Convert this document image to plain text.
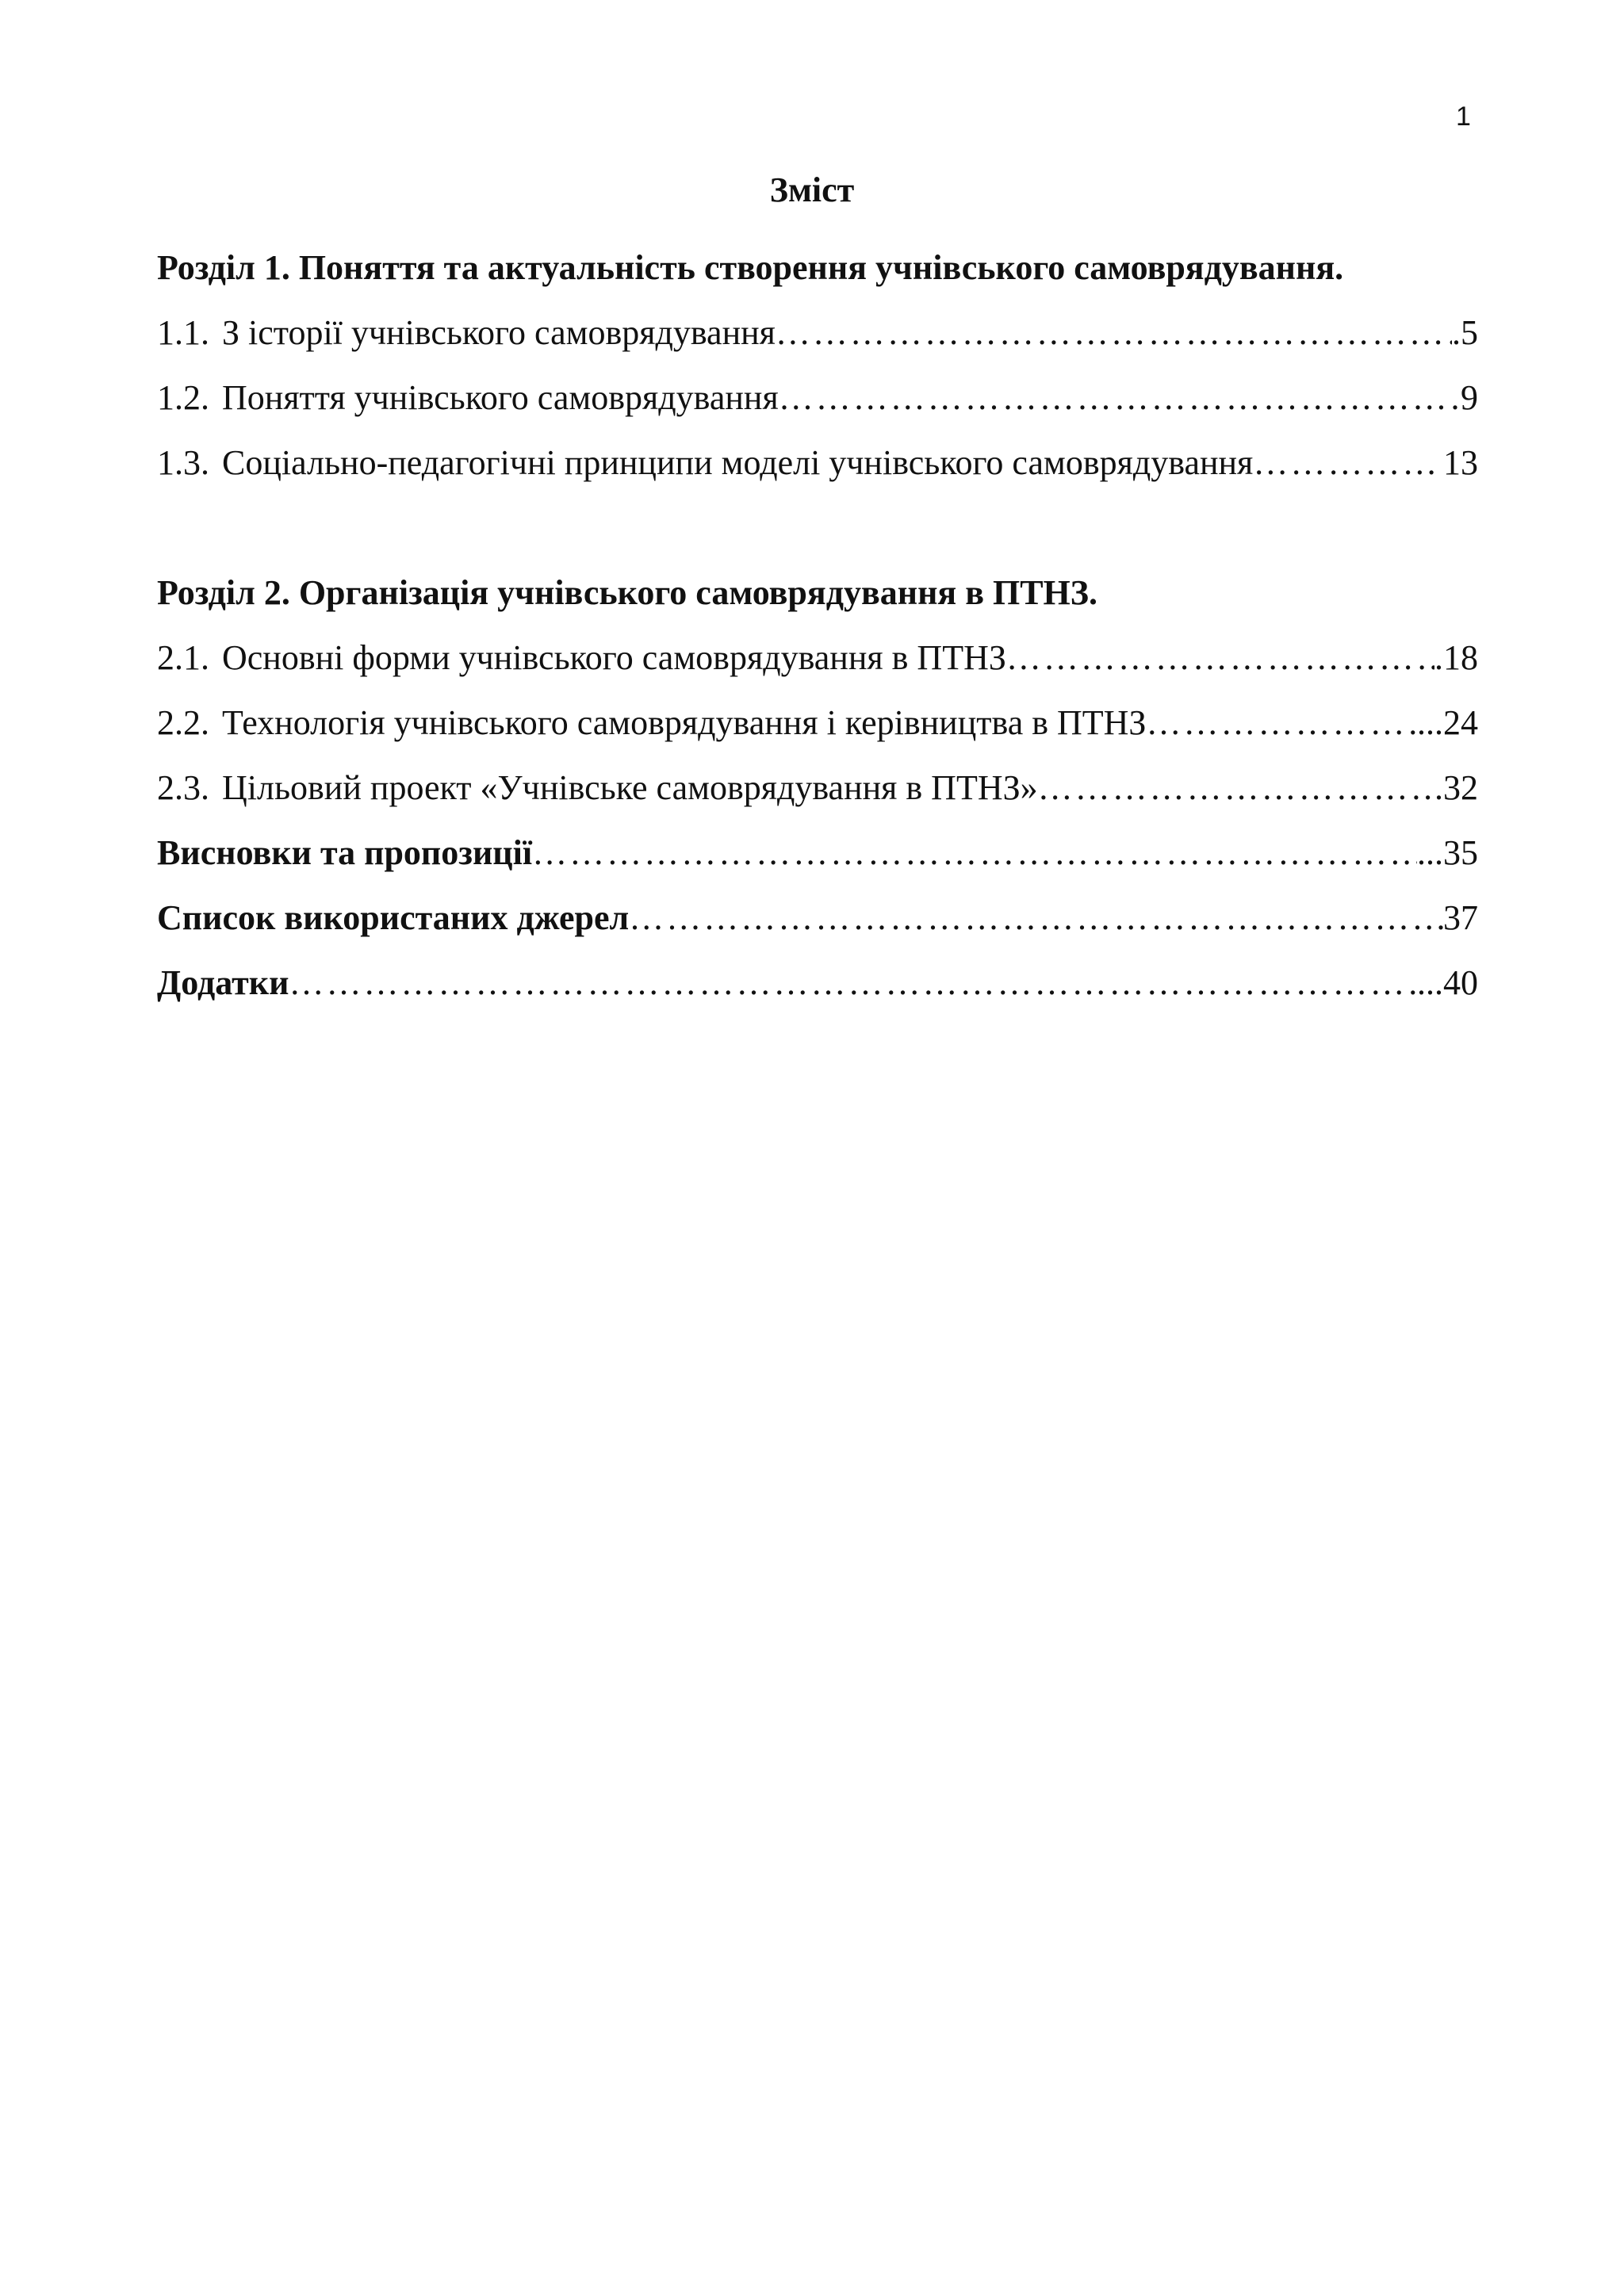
1
Зміст
Розділ 1. Поняття та актуальність створення учнівського самоврядування.
1.1. З історії учнівського самоврядування ………………………………………………………………………………………………………………………………………………………………………………	.5
1.2. Поняття учнівського самоврядування ………………………………………………………………………………………………………………………………………………………………………………	9
1.3. Соціально-педагогічні принципи моделі учнівського самоврядування ………………………………………………………………………………………………………………………………………………………………………………	13
Розділ 2. Організація учнівського самоврядування в ПТНЗ.
2.1. Основні форми учнівського самоврядування в ПТНЗ ………………………………………………………………………………………………………………………………………………………………………………	.18
2.2. Технологія учнівського самоврядування і керівництва в ПТНЗ ………………………………………………………………………………………………………………………………………………………………………………	...24
2.3. Цільовий проект «Учнівське самоврядування в ПТНЗ» ………………………………………………………………………………………………………………………………………………………………………………	.32
Висновки та пропозиції ………………………………………………………………………………………………………………………………………………………………………………	...35
Список використаних джерел ………………………………………………………………………………………………………………………………………………………………………………	37
Додатки ………………………………………………………………………………………………………………………………………………………………………………	...40
